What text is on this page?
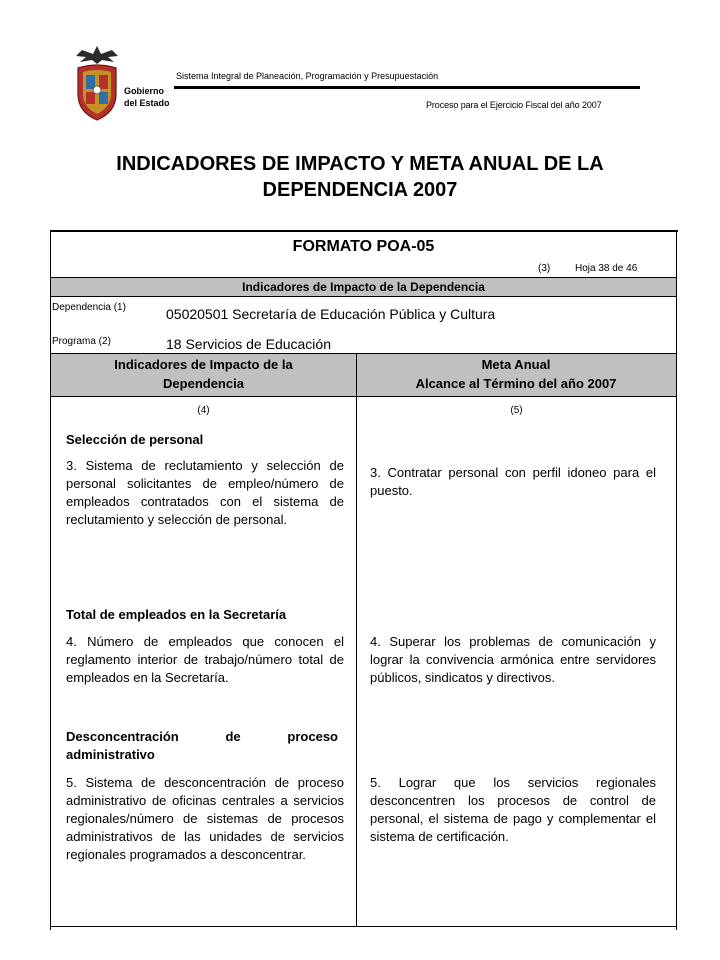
Gobierno
del Estado
Sistema Integral de Planeación, Programación y Presupuestación
Proceso para el Ejercicio Fiscal del año 2007
INDICADORES DE IMPACTO Y META ANUAL DE LA
DEPENDENCIA 2007
FORMATO POA-05
(3) Hoja 38 de 46
Indicadores de Impacto de la Dependencia
Dependencia (1)	05020501 Secretaría de Educación Pública y Cultura
Programa (2)	18 Servicios de Educación
Indicadores de Impacto de la
Dependencia
Meta Anual
Alcance al Término del año 2007
(4)	(5)
Selección de personal
3. Sistema de reclutamiento y selección de personal solicitantes de empleo/número de empleados contratados con el sistema de reclutamiento y selección de personal.
3. Contratar personal con perfil idoneo para el puesto.
Total de empleados en la Secretaría
4. Número de empleados que conocen el reglamento interior de trabajo/número total de empleados en la Secretaría.
4. Superar los problemas de comunicación y lograr la convivencia armónica entre servidores públicos, sindicatos y directivos.
Desconcentración de proceso administrativo
5. Sistema de desconcentración de proceso administrativo de oficinas centrales a servicios regionales/número de sistemas de procesos administrativos de las unidades de servicios regionales programados a desconcentrar.
5. Lograr que los servicios regionales desconcentren los procesos de control de personal, el sistema de pago y complementar el sistema de certificación.
